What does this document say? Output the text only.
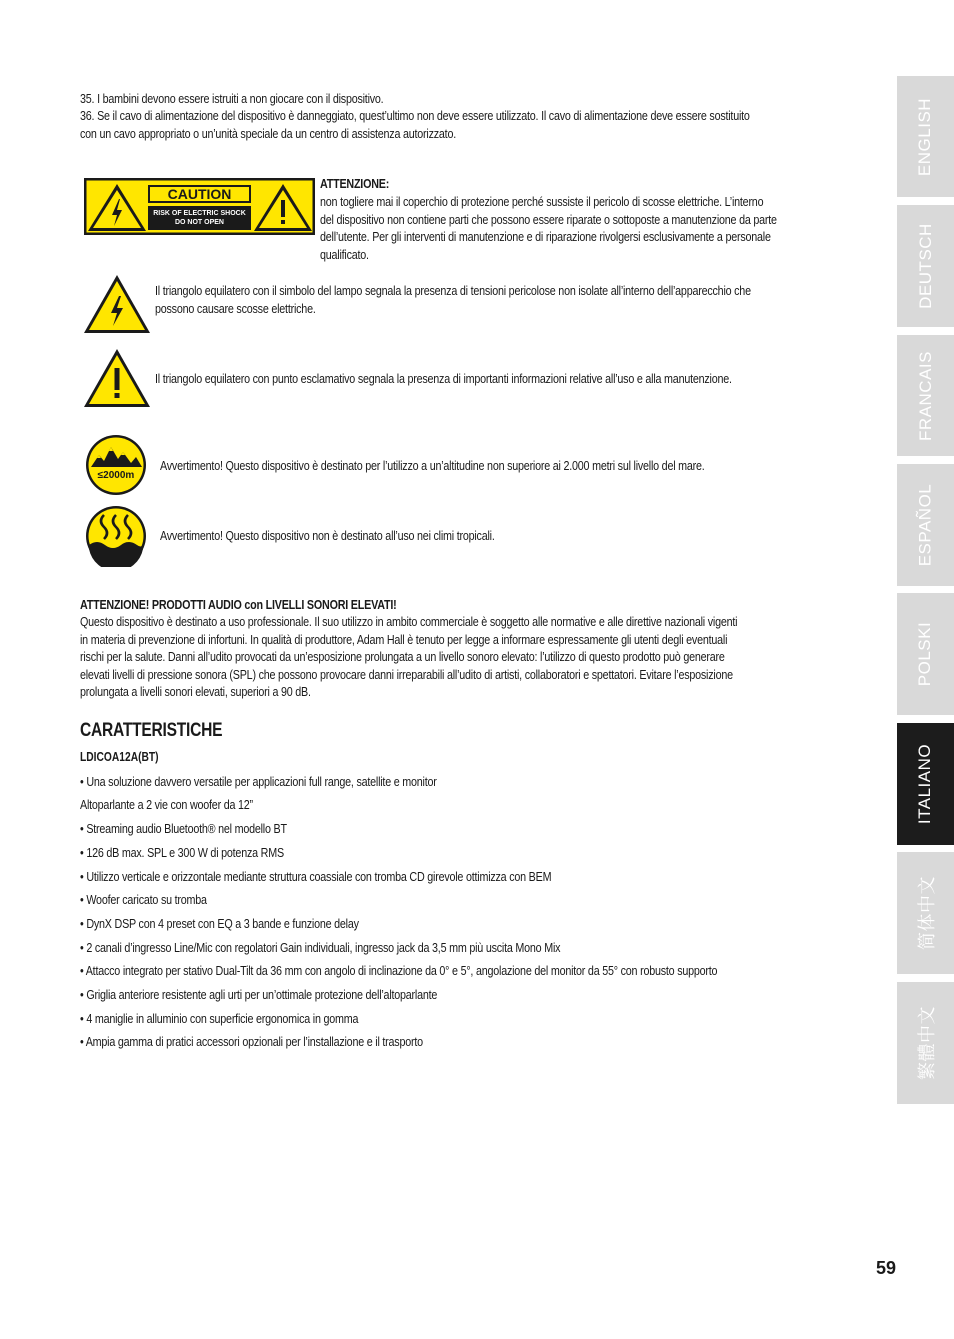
35. I bambini devono essere istruiti a non giocare con il dispositivo.
36. Se il cavo di alimentazione del dispositivo è danneggiato, quest’ultimo non deve essere utilizzato. Il cavo di alimentazione deve essere sostituito
con un cavo appropriato o un’unità speciale da un centro di assistenza autorizzato.
CAUTION
RISK OF ELECTRIC SHOCK
DO NOT OPEN
ATTENZIONE:
non togliere mai il coperchio di protezione perché sussiste il pericolo di scosse elettriche. L’interno
del dispositivo non contiene parti che possono essere riparate o sottoposte a manutenzione da parte
dell’utente. Per gli interventi di manutenzione e di riparazione rivolgersi esclusivamente a personale
qualificato.
Il triangolo equilatero con il simbolo del lampo segnala la presenza di tensioni pericolose non isolate all’interno dell’apparecchio che
possono causare scosse elettriche.
Il triangolo equilatero con punto esclamativo segnala la presenza di importanti informazioni relative all’uso e alla manutenzione.
≤2000m
Avvertimento! Questo dispositivo è destinato per l’utilizzo a un’altitudine non superiore ai 2.000 metri sul livello del mare.
Avvertimento! Questo dispositivo non è destinato all’uso nei climi tropicali.
ATTENZIONE! PRODOTTI AUDIO con LIVELLI SONORI ELEVATI!
Questo dispositivo è destinato a uso professionale. Il suo utilizzo in ambito commerciale è soggetto alle normative e alle direttive nazionali vigenti
in materia di prevenzione di infortuni. In qualità di produttore, Adam Hall è tenuto per legge a informare espressamente gli utenti degli eventuali
rischi per la salute. Danni all’udito provocati da un’esposizione prolungata a un livello sonoro elevato: l’utilizzo di questo prodotto può generare
elevati livelli di pressione sonora (SPL) che possono provocare danni irreparabili all’udito di artisti, collaboratori e spettatori. Evitare l’esposizione
prolungata a livelli sonori elevati, superiori a 90 dB.
CARATTERISTICHE
LDICOA12A(BT)
• Una soluzione davvero versatile per applicazioni full range, satellite e monitor
Altoparlante a 2 vie con woofer da 12”
• Streaming audio Bluetooth® nel modello BT
• 126 dB max. SPL e 300 W di potenza RMS
• Utilizzo verticale e orizzontale mediante struttura coassiale con tromba CD girevole ottimizza con BEM
• Woofer caricato su tromba
• DynX DSP con 4 preset con EQ a 3 bande e funzione delay
• 2 canali d’ingresso Line/Mic con regolatori Gain individuali, ingresso jack da 3,5 mm più uscita Mono Mix
• Attacco integrato per stativo Dual-Tilt da 36 mm con angolo di inclinazione da 0° e 5°, angolazione del monitor da 55° con robusto supporto
• Griglia anteriore resistente agli urti per un’ottimale protezione dell’altoparlante
• 4 maniglie in alluminio con superficie ergonomica in gomma
• Ampia gamma di pratici accessori opzionali per l’installazione e il trasporto
ENGLISH
DEUTSCH
FRANCAIS
ESPAÑOL
POLSKI
ITALIANO
简体中文
繁體中文
59
